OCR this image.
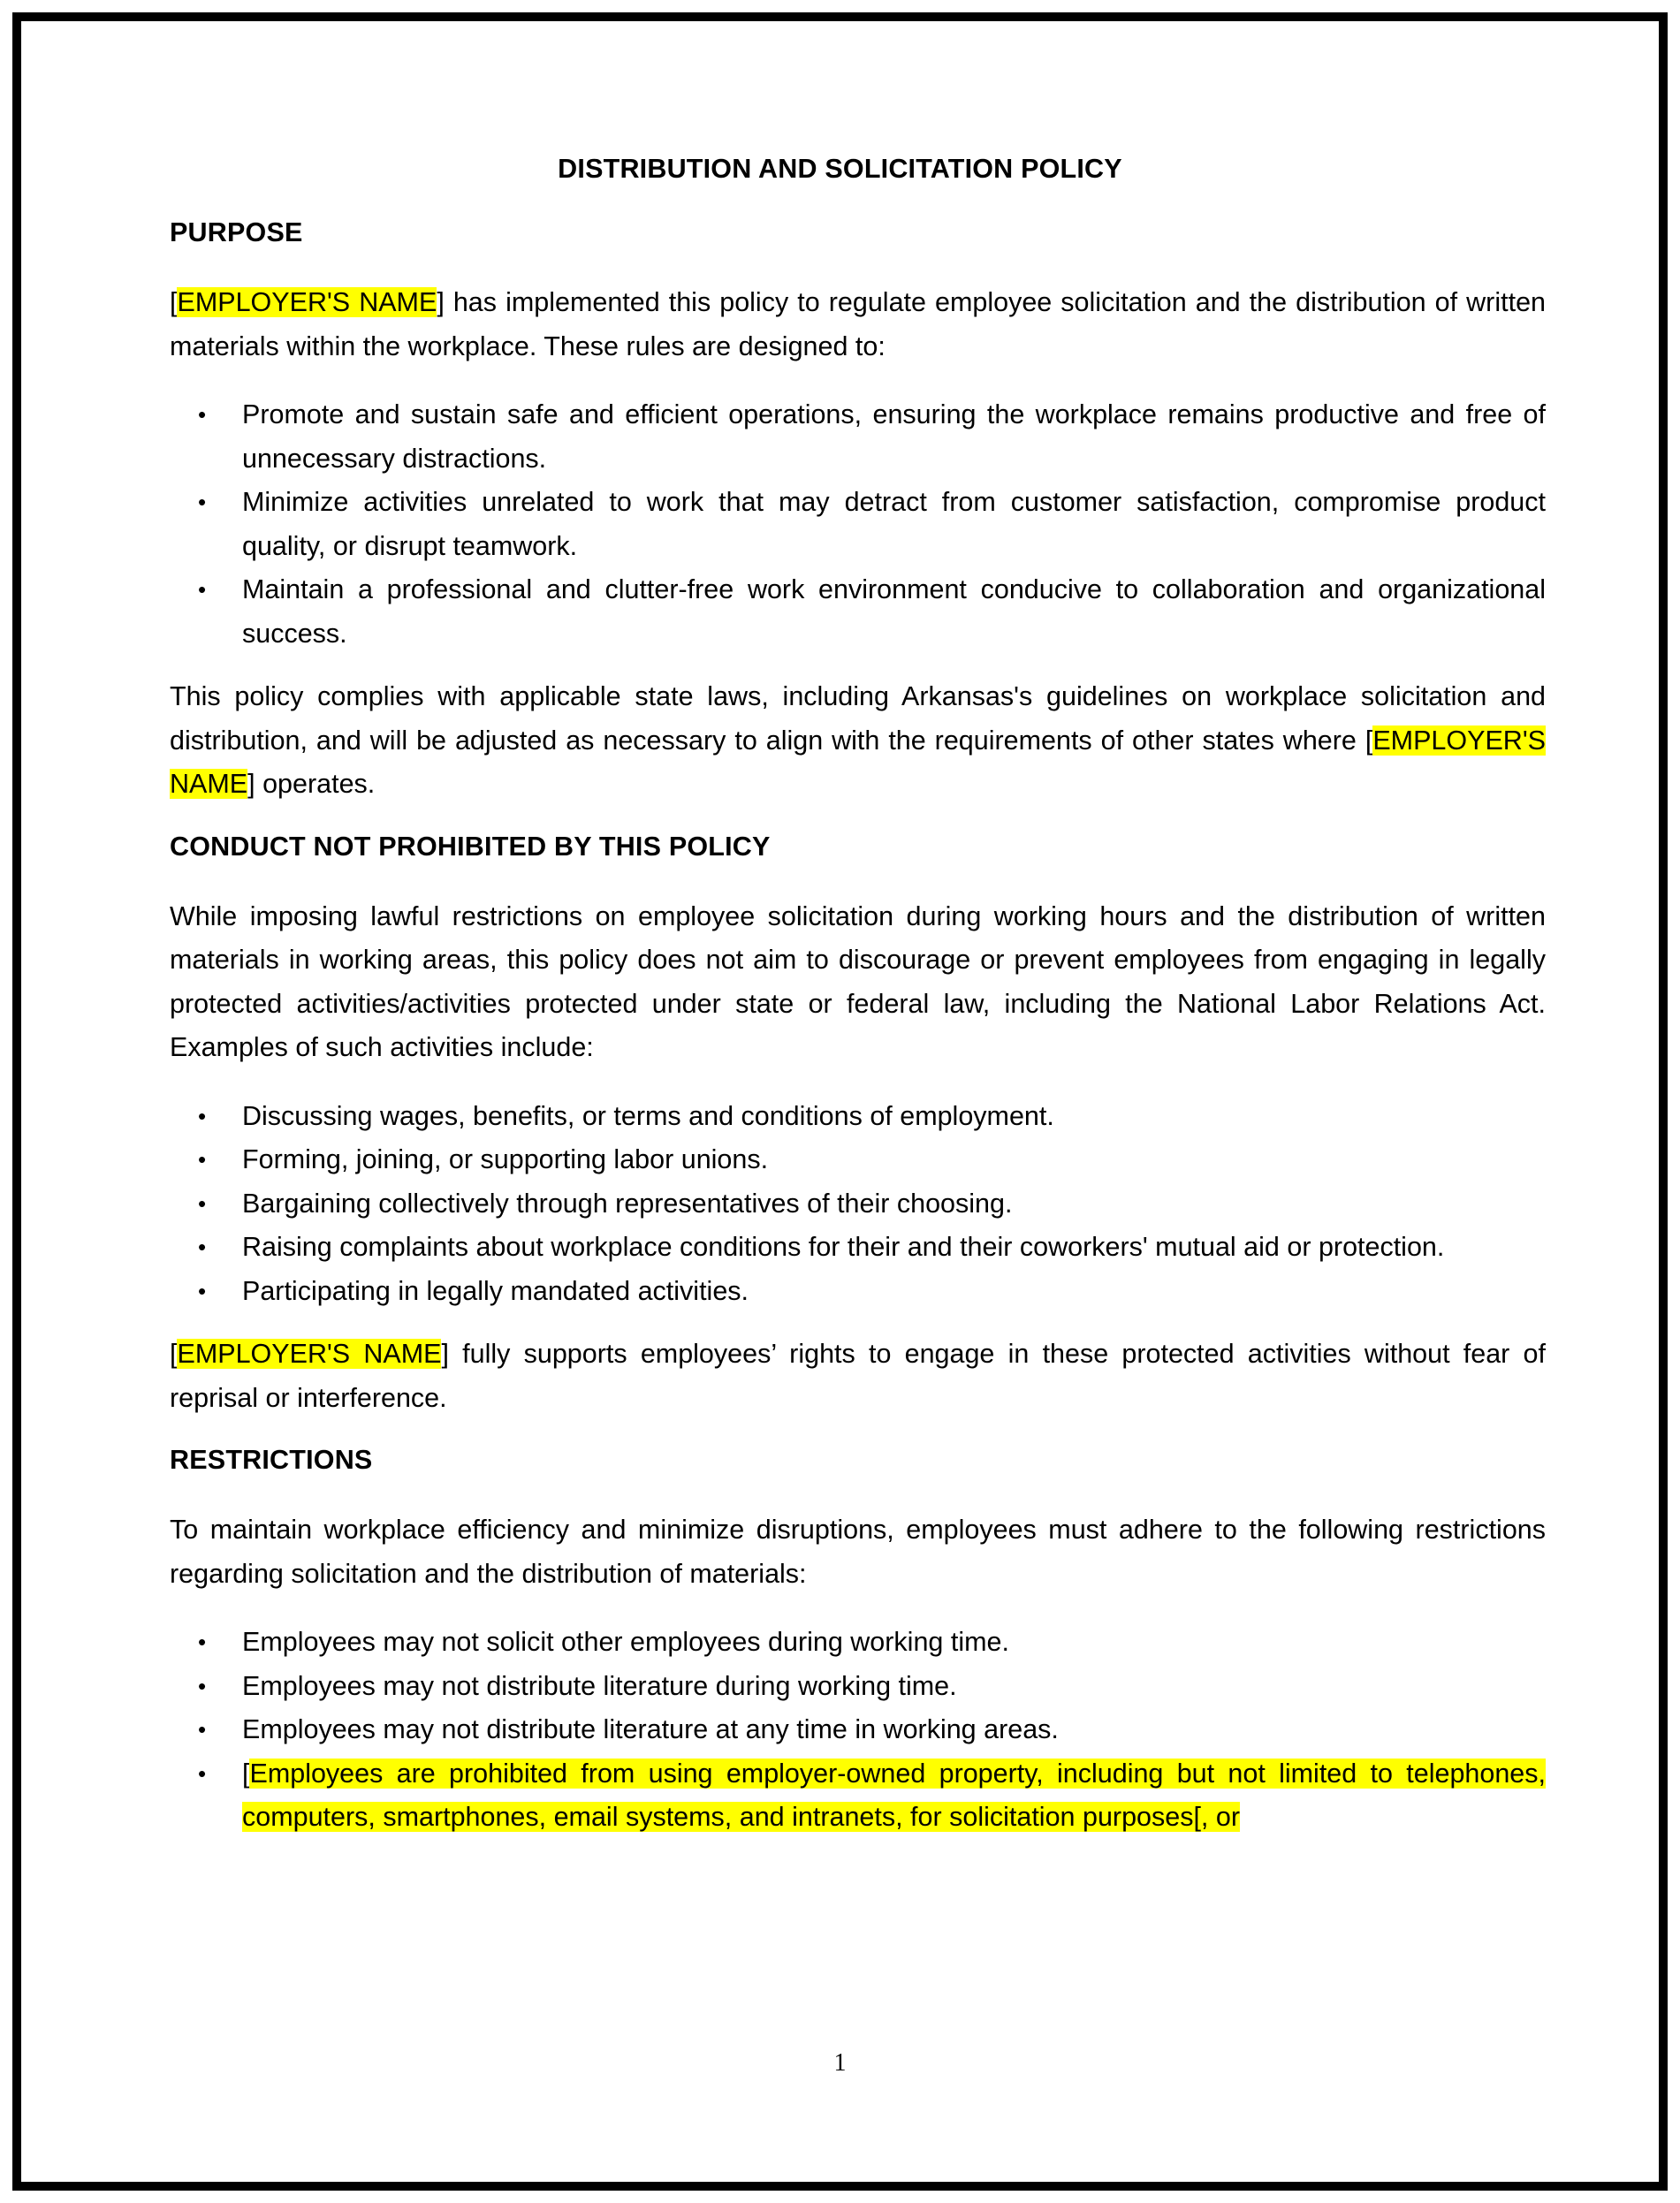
DISTRIBUTION AND SOLICITATION POLICY
PURPOSE

[EMPLOYER'S NAME] has implemented this policy to regulate employee solicitation and the distribution of written materials within the workplace. These rules are designed to:

• Promote and sustain safe and efficient operations, ensuring the workplace remains productive and free of unnecessary distractions.
• Minimize activities unrelated to work that may detract from customer satisfaction, compromise product quality, or disrupt teamwork.
• Maintain a professional and clutter-free work environment conducive to collaboration and organizational success.

This policy complies with applicable state laws, including Arkansas's guidelines on workplace solicitation and distribution, and will be adjusted as necessary to align with the requirements of other states where [EMPLOYER'S NAME] operates.

CONDUCT NOT PROHIBITED BY THIS POLICY

While imposing lawful restrictions on employee solicitation during working hours and the distribution of written materials in working areas, this policy does not aim to discourage or prevent employees from engaging in legally protected activities/activities protected under state or federal law, including the National Labor Relations Act. Examples of such activities include:

• Discussing wages, benefits, or terms and conditions of employment.
• Forming, joining, or supporting labor unions.
• Bargaining collectively through representatives of their choosing.
• Raising complaints about workplace conditions for their and their coworkers' mutual aid or protection.
• Participating in legally mandated activities.

[EMPLOYER'S NAME] fully supports employees’ rights to engage in these protected activities without fear of reprisal or interference.

RESTRICTIONS

To maintain workplace efficiency and minimize disruptions, employees must adhere to the following restrictions regarding solicitation and the distribution of materials:

• Employees may not solicit other employees during working time.
• Employees may not distribute literature during working time.
• Employees may not distribute literature at any time in working areas.
• [Employees are prohibited from using employer-owned property, including but not limited to telephones, computers, smartphones, email systems, and intranets, for solicitation purposes[, or
1
